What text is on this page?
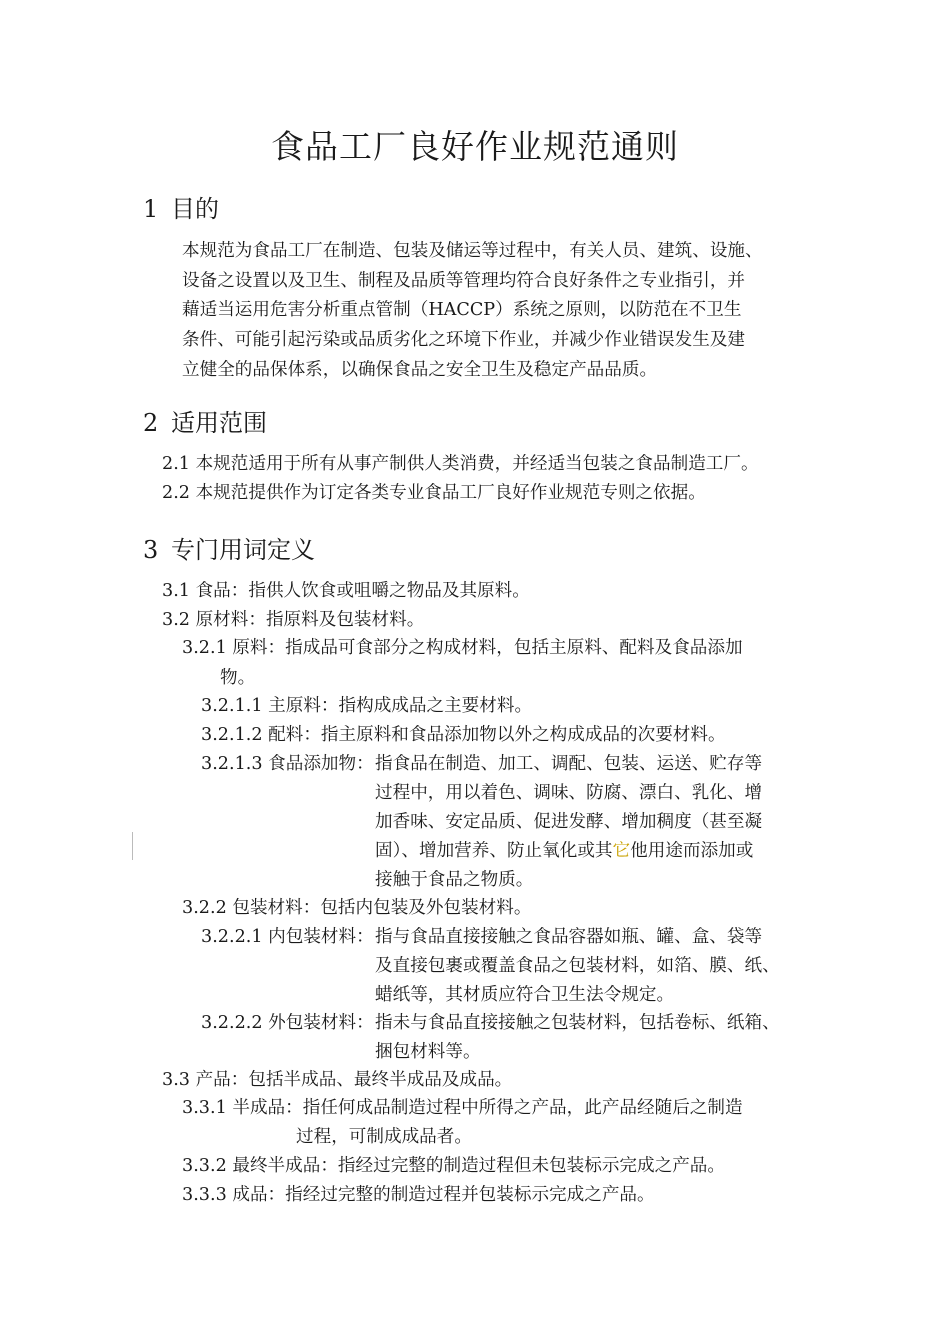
食品工厂良好作业规范通则
1 目的
本规范为食品工厂在制造、包装及储运等过程中，有关人员、建筑、设施、
设备之设置以及卫生、制程及品质等管理均符合良好条件之专业指引，并
藉适当运用危害分析重点管制（HACCP）系统之原则，以防范在不卫生
条件、可能引起污染或品质劣化之环境下作业，并减少作业错误发生及建
立健全的品保体系，以确保食品之安全卫生及稳定产品品质。
2 适用范围

2.1 本规范适用于所有从事产制供人类消费，并经适当包装之食品制造工厂。

2.2 本规范提供作为订定各类专业食品工厂良好作业规范专则之依据。

3 专门用词定义

3.1 食品：指供人饮食或咀嚼之物品及其原料。

3.2 原材料：指原料及包装材料。

3.2.1 原料：指成品可食部分之构成材料，包括主原料、配料及食品添加

物。

3.2.1.1 主原料：指构成成品之主要材料。

3.2.1.2 配料：指主原料和食品添加物以外之构成成品的次要材料。

3.2.1.3 食品添加物： 指食品在制造、加工、调配、包装、运送、贮存等

过程中，用以着色、调味、防腐、漂白、乳化、增

加香味、安定品质、促进发酵、增加稠度（甚至凝

固）、增加营养、防止氧化或其它他用途而添加或

接触于食品之物质。

3.2.2 包装材料：包括内包装及外包装材料。

3.2.2.1 内包装材料： 指与食品直接接触之食品容器如瓶、罐、盒、袋等

及直接包裹或覆盖食品之包装材料，如箔、膜、纸、

蜡纸等，其材质应符合卫生法令规定。

3.2.2.2 外包装材料： 指未与食品直接接触之包装材料，包括卷标、纸箱、

捆包材料等。

3.3 产品：包括半成品、最终半成品及成品。

3.3.1 半成品：指任何成品制造过程中所得之产品，此产品经随后之制造

过程，可制成成品者。

3.3.2 最终半成品：指经过完整的制造过程但未包装标示完成之产品。

3.3.3 成品：指经过完整的制造过程并包装标示完成之产品。
